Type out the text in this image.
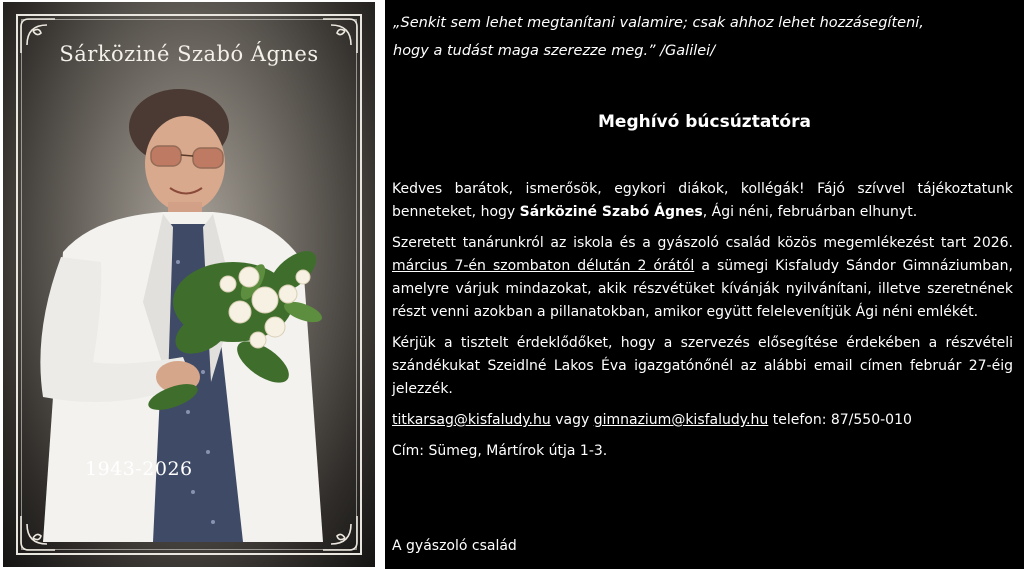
Sárköziné Szabó Ágnes
1943-2026
„Senkit sem lehet megtanítani valamire; csak ahhoz lehet hozzásegíteni,
hogy a tudást maga szerezze meg.” /Galilei/
Meghívó búcsúztatóra

Kedves barátok, ismerősök, egykori diákok, kollégák! Fájó szívvel tájékoztatunk benneteket, hogy Sárköziné Szabó Ágnes, Ági néni, februárban elhunyt.

Szeretett tanárunkról az iskola és a gyászoló család közös megemlékezést tart 2026. március 7-én szombaton délután 2 órától a sümegi Kisfaludy Sándor Gimnáziumban, amelyre várjuk mindazokat, akik részvétüket kívánják nyilvánítani, illetve szeretnének részt venni azokban a pillanatokban, amikor együtt felelevenítjük Ági néni emlékét.

Kérjük a tisztelt érdeklődőket, hogy a szervezés elősegítése érdekében a részvételi szándékukat Szeidlné Lakos Éva igazgatónőnél az alábbi email címen február 27-éig jelezzék.

titkarsag@kisfaludy.hu vagy gimnazium@kisfaludy.hu telefon: 87/550-010
Cím: Sümeg, Mártírok útja 1-3.
A gyászoló család
